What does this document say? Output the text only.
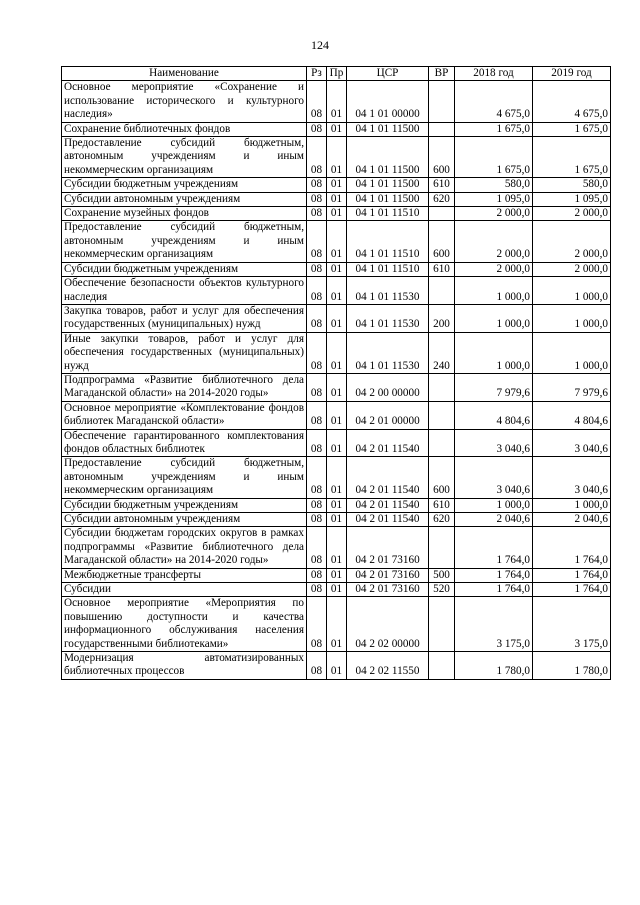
124
Наименование	Рз	Пр	ЦСР	ВР	2018 год	2019 год
Основное мероприятие «Сохранение и использование исторического и культурного наследия»	08	01	04 1 01 00000		4 675,0	4 675,0
Сохранение библиотечных фондов	08	01	04 1 01 11500		1 675,0	1 675,0
Предоставление субсидий бюджетным, автономным учреждениям и иным некоммерческим организациям	08	01	04 1 01 11500	600	1 675,0	1 675,0
Субсидии бюджетным учреждениям	08	01	04 1 01 11500	610	580,0	580,0
Субсидии автономным учреждениям	08	01	04 1 01 11500	620	1 095,0	1 095,0
Сохранение музейных фондов	08	01	04 1 01 11510		2 000,0	2 000,0
Предоставление субсидий бюджетным, автономным учреждениям и иным некоммерческим организациям	08	01	04 1 01 11510	600	2 000,0	2 000,0
Субсидии бюджетным учреждениям	08	01	04 1 01 11510	610	2 000,0	2 000,0
Обеспечение безопасности объектов культурного наследия	08	01	04 1 01 11530		1 000,0	1 000,0
Закупка товаров, работ и услуг для обеспечения государственных (муниципальных) нужд	08	01	04 1 01 11530	200	1 000,0	1 000,0
Иные закупки товаров, работ и услуг для обеспечения государственных (муниципальных) нужд	08	01	04 1 01 11530	240	1 000,0	1 000,0
Подпрограмма «Развитие библиотечного дела Магаданской области» на 2014-2020 годы»	08	01	04 2 00 00000		7 979,6	7 979,6
Основное мероприятие «Комплектование фондов библиотек Магаданской области»	08	01	04 2 01 00000		4 804,6	4 804,6
Обеспечение гарантированного комплектования фондов областных библиотек	08	01	04 2 01 11540		3 040,6	3 040,6
Предоставление субсидий бюджетным, автономным учреждениям и иным некоммерческим организациям	08	01	04 2 01 11540	600	3 040,6	3 040,6
Субсидии бюджетным учреждениям	08	01	04 2 01 11540	610	1 000,0	1 000,0
Субсидии автономным учреждениям	08	01	04 2 01 11540	620	2 040,6	2 040,6
Субсидии бюджетам городских округов в рамках подпрограммы «Развитие библиотечного дела Магаданской области» на 2014-2020 годы»	08	01	04 2 01 73160		1 764,0	1 764,0
Межбюджетные трансферты	08	01	04 2 01 73160	500	1 764,0	1 764,0
Субсидии	08	01	04 2 01 73160	520	1 764,0	1 764,0
Основное мероприятие «Мероприятия по повышению доступности и качества информационного обслуживания населения государственными библиотеками»	08	01	04 2 02 00000		3 175,0	3 175,0
Модернизация автоматизированных библиотечных процессов	08	01	04 2 02 11550		1 780,0	1 780,0
